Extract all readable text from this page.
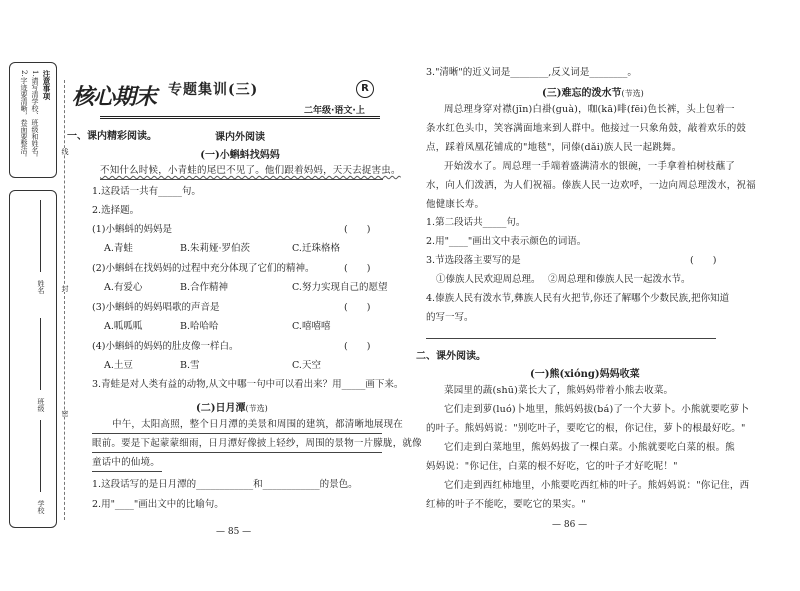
注意事项
1.请写清学校、班级和姓名。
2.字迹要清晰，卷面要整洁。
姓名
班级
学校
线
封
密
核心期末 专题集训(三)	R
二年级·语文·上
课内外阅读
一、课内精彩阅读。
(一)小蝌蚪找妈妈
不知什么时候，小青蛙的尾巴不见了。他们跟着妈妈，天天去捉害虫。
1.这段话一共有_____句。
2.选择题。
(1)小蝌蚪的妈妈是	(　　)
A.青蛙	B.朱莉娅·罗伯茨	C.迁珠格格
(2)小蝌蚪在找妈妈的过程中充分体现了它们的精神。	(　　)
A.有爱心	B.合作精神	C.努力实现自己的愿望
(3)小蝌蚪的妈妈唱歌的声音是	(　　)
A.呱呱呱	B.哈哈哈	C.嘻嘻嘻
(4)小蝌蚪的妈妈的肚皮像一样白。	(　　)
A.土豆	B.雪	C.天空
3.青蛙是对人类有益的动物,从文中哪一句中可以看出来？用_____画下来。
(二)日月潭(节选)
中午，太阳高照，整个日月潭的美景和周围的建筑，都清晰地展现在
眼前。要是下起蒙蒙细雨，日月潭好像披上轻纱，周围的景物一片朦胧，就像
童话中的仙境。
1.这段话写的是日月潭的____________和____________的景色。
2.用"____"画出文中的比喻句。
— 85 —
3."清晰"的近义词是________,反义词是________。
(三)难忘的泼水节(节选)
周总理身穿对襟(jīn)白褂(guà)，咖(kā)啡(fēi)色长裤，头上包着一
条水红色头巾，笑容满面地来到人群中。他接过一只象角鼓，敲着欢乐的鼓
点，踩着凤凰花铺成的"地毯"，同傣(dǎi)族人民一起跳舞。
开始泼水了。周总理一手端着盛满清水的银碗，一手拿着柏树枝蘸了
水，向人们泼洒，为人们祝福。傣族人民一边欢呼，一边向周总理泼水，祝福
他健康长寿。
1.第二段话共_____句。
2.用"____"画出文中表示颜色的词语。
3.节选段落主要写的是	(　　)
①傣族人民欢迎周总理。 ②周总理和傣族人民一起泼水节。
4.傣族人民有泼水节,彝族人民有火把节,你还了解哪个少数民族,把你知道
的写一写。
二、课外阅读。
(一)熊(xióng)妈妈收菜
菜园里的蔬(shū)菜长大了，熊妈妈带着小熊去收菜。
它们走到萝(luó)卜地里，熊妈妈拔(bá)了一个大萝卜。小熊就要吃萝卜
的叶子。熊妈妈说："别吃叶子，要吃它的根，你记住，萝卜的根最好吃。"
它们走到白菜地里，熊妈妈拔了一棵白菜。小熊就要吃白菜的根。熊
妈妈说："你记住，白菜的根不好吃，它的叶子才好吃呢！"
它们走到西红柿地里，小熊要吃西红柿的叶子。熊妈妈说："你记住，西
红柿的叶子不能吃，要吃它的果实。"
— 86 —
